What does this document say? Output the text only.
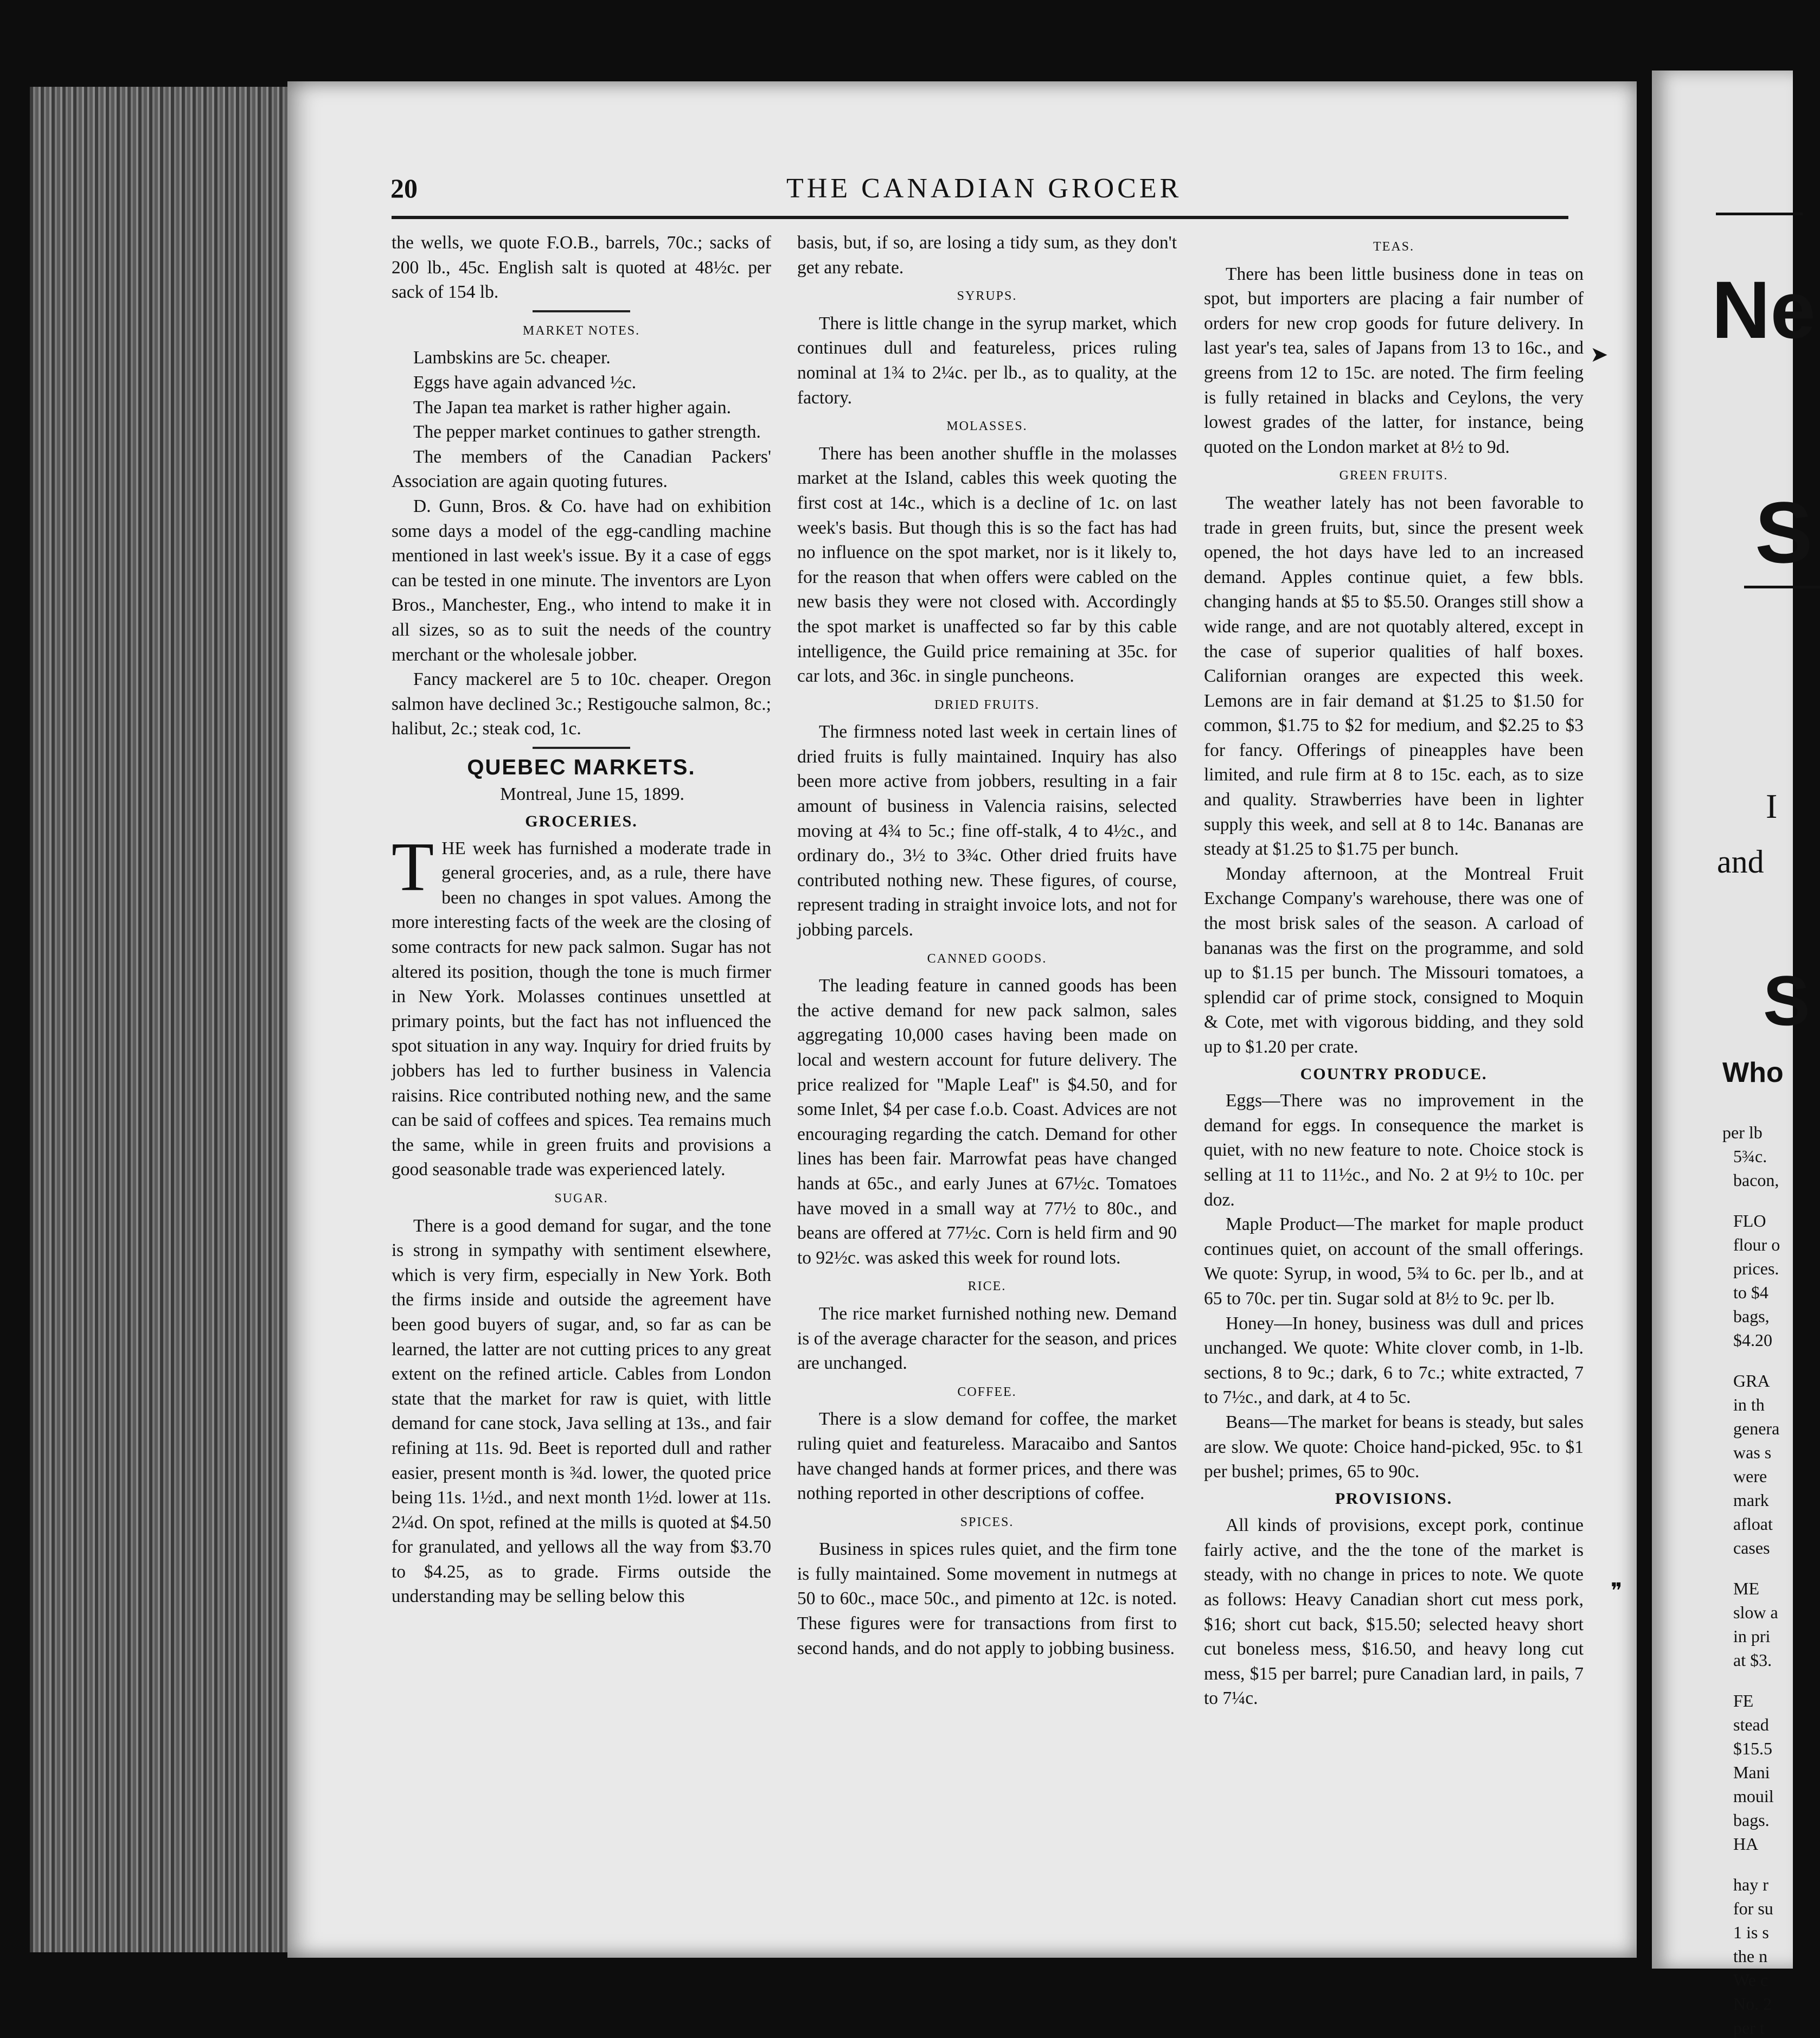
Ne
S
I
and
S
Who
per lb
5¾c.
bacon,
FLO
flour o
prices.
to $4
bags,
$4.20
GRA
in th
genera
was s
were
mark
afloat
cases
ME
slow a
in pri
at $3.
FE
stead
$15.5
Mani
mouil
bags.
HA
hay r
for su
1 is s
the n
We c
No. 2
per t
➤
❞
20	THE CANADIAN GROCER

the wells, we quote F.O.B., barrels, 70c.; sacks of 200 lb., 45c. English salt is quoted at 48½c. per sack of 154 lb.

MARKET NOTES.

Lambskins are 5c. cheaper.

Eggs have again advanced ½c.

The Japan tea market is rather higher again.

The pepper market continues to gather strength.

The members of the Canadian Packers' Association are again quoting futures.

D. Gunn, Bros. & Co. have had on exhibition some days a model of the egg-candling machine mentioned in last week's issue. By it a case of eggs can be tested in one minute. The inventors are Lyon Bros., Manchester, Eng., who intend to make it in all sizes, so as to suit the needs of the country merchant or the wholesale jobber.

Fancy mackerel are 5 to 10c. cheaper. Oregon salmon have declined 3c.; Restigouche salmon, 8c.; halibut, 2c.; steak cod, 1c.

QUEBEC MARKETS.

Montreal, June 15, 1899.

GROCERIES.

THE week has furnished a moderate trade in general groceries, and, as a rule, there have been no changes in spot values. Among the more interesting facts of the week are the closing of some contracts for new pack salmon. Sugar has not altered its position, though the tone is much firmer in New York. Molasses continues unsettled at primary points, but the fact has not influenced the spot situation in any way. Inquiry for dried fruits by jobbers has led to further business in Valencia raisins. Rice contributed nothing new, and the same can be said of coffees and spices. Tea remains much the same, while in green fruits and provisions a good seasonable trade was experienced lately.

SUGAR.

There is a good demand for sugar, and the tone is strong in sympathy with sentiment elsewhere, which is very firm, especially in New York. Both the firms inside and outside the agreement have been good buyers of sugar, and, so far as can be learned, the latter are not cutting prices to any great extent on the refined article. Cables from London state that the market for raw is quiet, with little demand for cane stock, Java selling at 13s., and fair refining at 11s. 9d. Beet is reported dull and rather easier, present month is ¾d. lower, the quoted price being 11s. 1½d., and next month 1½d. lower at 11s. 2¼d. On spot, refined at the mills is quoted at $4.50 for granulated, and yellows all the way from $3.70 to $4.25, as to grade. Firms outside the understanding may be selling below this

basis, but, if so, are losing a tidy sum, as they don't get any rebate.

SYRUPS.

There is little change in the syrup market, which continues dull and featureless, prices ruling nominal at 1¾ to 2¼c. per lb., as to quality, at the factory.

MOLASSES.

There has been another shuffle in the molasses market at the Island, cables this week quoting the first cost at 14c., which is a decline of 1c. on last week's basis. But though this is so the fact has had no influence on the spot market, nor is it likely to, for the reason that when offers were cabled on the new basis they were not closed with. Accordingly the spot market is unaffected so far by this cable intelligence, the Guild price remaining at 35c. for car lots, and 36c. in single puncheons.

DRIED FRUITS.

The firmness noted last week in certain lines of dried fruits is fully maintained. Inquiry has also been more active from jobbers, resulting in a fair amount of business in Valencia raisins, selected moving at 4¾ to 5c.; fine off-stalk, 4 to 4½c., and ordinary do., 3½ to 3¾c. Other dried fruits have contributed nothing new. These figures, of course, represent trading in straight invoice lots, and not for jobbing parcels.

CANNED GOODS.

The leading feature in canned goods has been the active demand for new pack salmon, sales aggregating 10,000 cases having been made on local and western account for future delivery. The price realized for "Maple Leaf" is $4.50, and for some Inlet, $4 per case f.o.b. Coast. Advices are not encouraging regarding the catch. Demand for other lines has been fair. Marrowfat peas have changed hands at 65c., and early Junes at 67½c. Tomatoes have moved in a small way at 77½ to 80c., and beans are offered at 77½c. Corn is held firm and 90 to 92½c. was asked this week for round lots.

RICE.

The rice market furnished nothing new. Demand is of the average character for the season, and prices are unchanged.

COFFEE.

There is a slow demand for coffee, the market ruling quiet and featureless. Maracaibo and Santos have changed hands at former prices, and there was nothing reported in other descriptions of coffee.

SPICES.

Business in spices rules quiet, and the firm tone is fully maintained. Some movement in nutmegs at 50 to 60c., mace 50c., and pimento at 12c. is noted. These figures were for transactions from first to second hands, and do not apply to jobbing business.

TEAS.

There has been little business done in teas on spot, but importers are placing a fair number of orders for new crop goods for future delivery. In last year's tea, sales of Japans from 13 to 16c., and greens from 12 to 15c. are noted. The firm feeling is fully retained in blacks and Ceylons, the very lowest grades of the latter, for instance, being quoted on the London market at 8½ to 9d.

GREEN FRUITS.

The weather lately has not been favorable to trade in green fruits, but, since the present week opened, the hot days have led to an increased demand. Apples continue quiet, a few bbls. changing hands at $5 to $5.50. Oranges still show a wide range, and are not quotably altered, except in the case of superior qualities of half boxes. Californian oranges are expected this week. Lemons are in fair demand at $1.25 to $1.50 for common, $1.75 to $2 for medium, and $2.25 to $3 for fancy. Offerings of pineapples have been limited, and rule firm at 8 to 15c. each, as to size and quality. Strawberries have been in lighter supply this week, and sell at 8 to 14c. Bananas are steady at $1.25 to $1.75 per bunch.

Monday afternoon, at the Montreal Fruit Exchange Company's warehouse, there was one of the most brisk sales of the season. A carload of bananas was the first on the programme, and sold up to $1.15 per bunch. The Missouri tomatoes, a splendid car of prime stock, consigned to Moquin & Cote, met with vigorous bidding, and they sold up to $1.20 per crate.

COUNTRY PRODUCE.

Eggs—There was no improvement in the demand for eggs. In consequence the market is quiet, with no new feature to note. Choice stock is selling at 11 to 11½c., and No. 2 at 9½ to 10c. per doz.

Maple Product—The market for maple product continues quiet, on account of the small offerings. We quote: Syrup, in wood, 5¾ to 6c. per lb., and at 65 to 70c. per tin. Sugar sold at 8½ to 9c. per lb.

Honey—In honey, business was dull and prices unchanged. We quote: White clover comb, in 1-lb. sections, 8 to 9c.; dark, 6 to 7c.; white extracted, 7 to 7½c., and dark, at 4 to 5c.

Beans—The market for beans is steady, but sales are slow. We quote: Choice hand-picked, 95c. to $1 per bushel; primes, 65 to 90c.

PROVISIONS.

All kinds of provisions, except pork, continue fairly active, and the the tone of the market is steady, with no change in prices to note. We quote as follows: Heavy Canadian short cut mess pork, $16; short cut back, $15.50; selected heavy short cut boneless mess, $16.50, and heavy long cut mess, $15 per barrel; pure Canadian lard, in pails, 7 to 7¼c.
